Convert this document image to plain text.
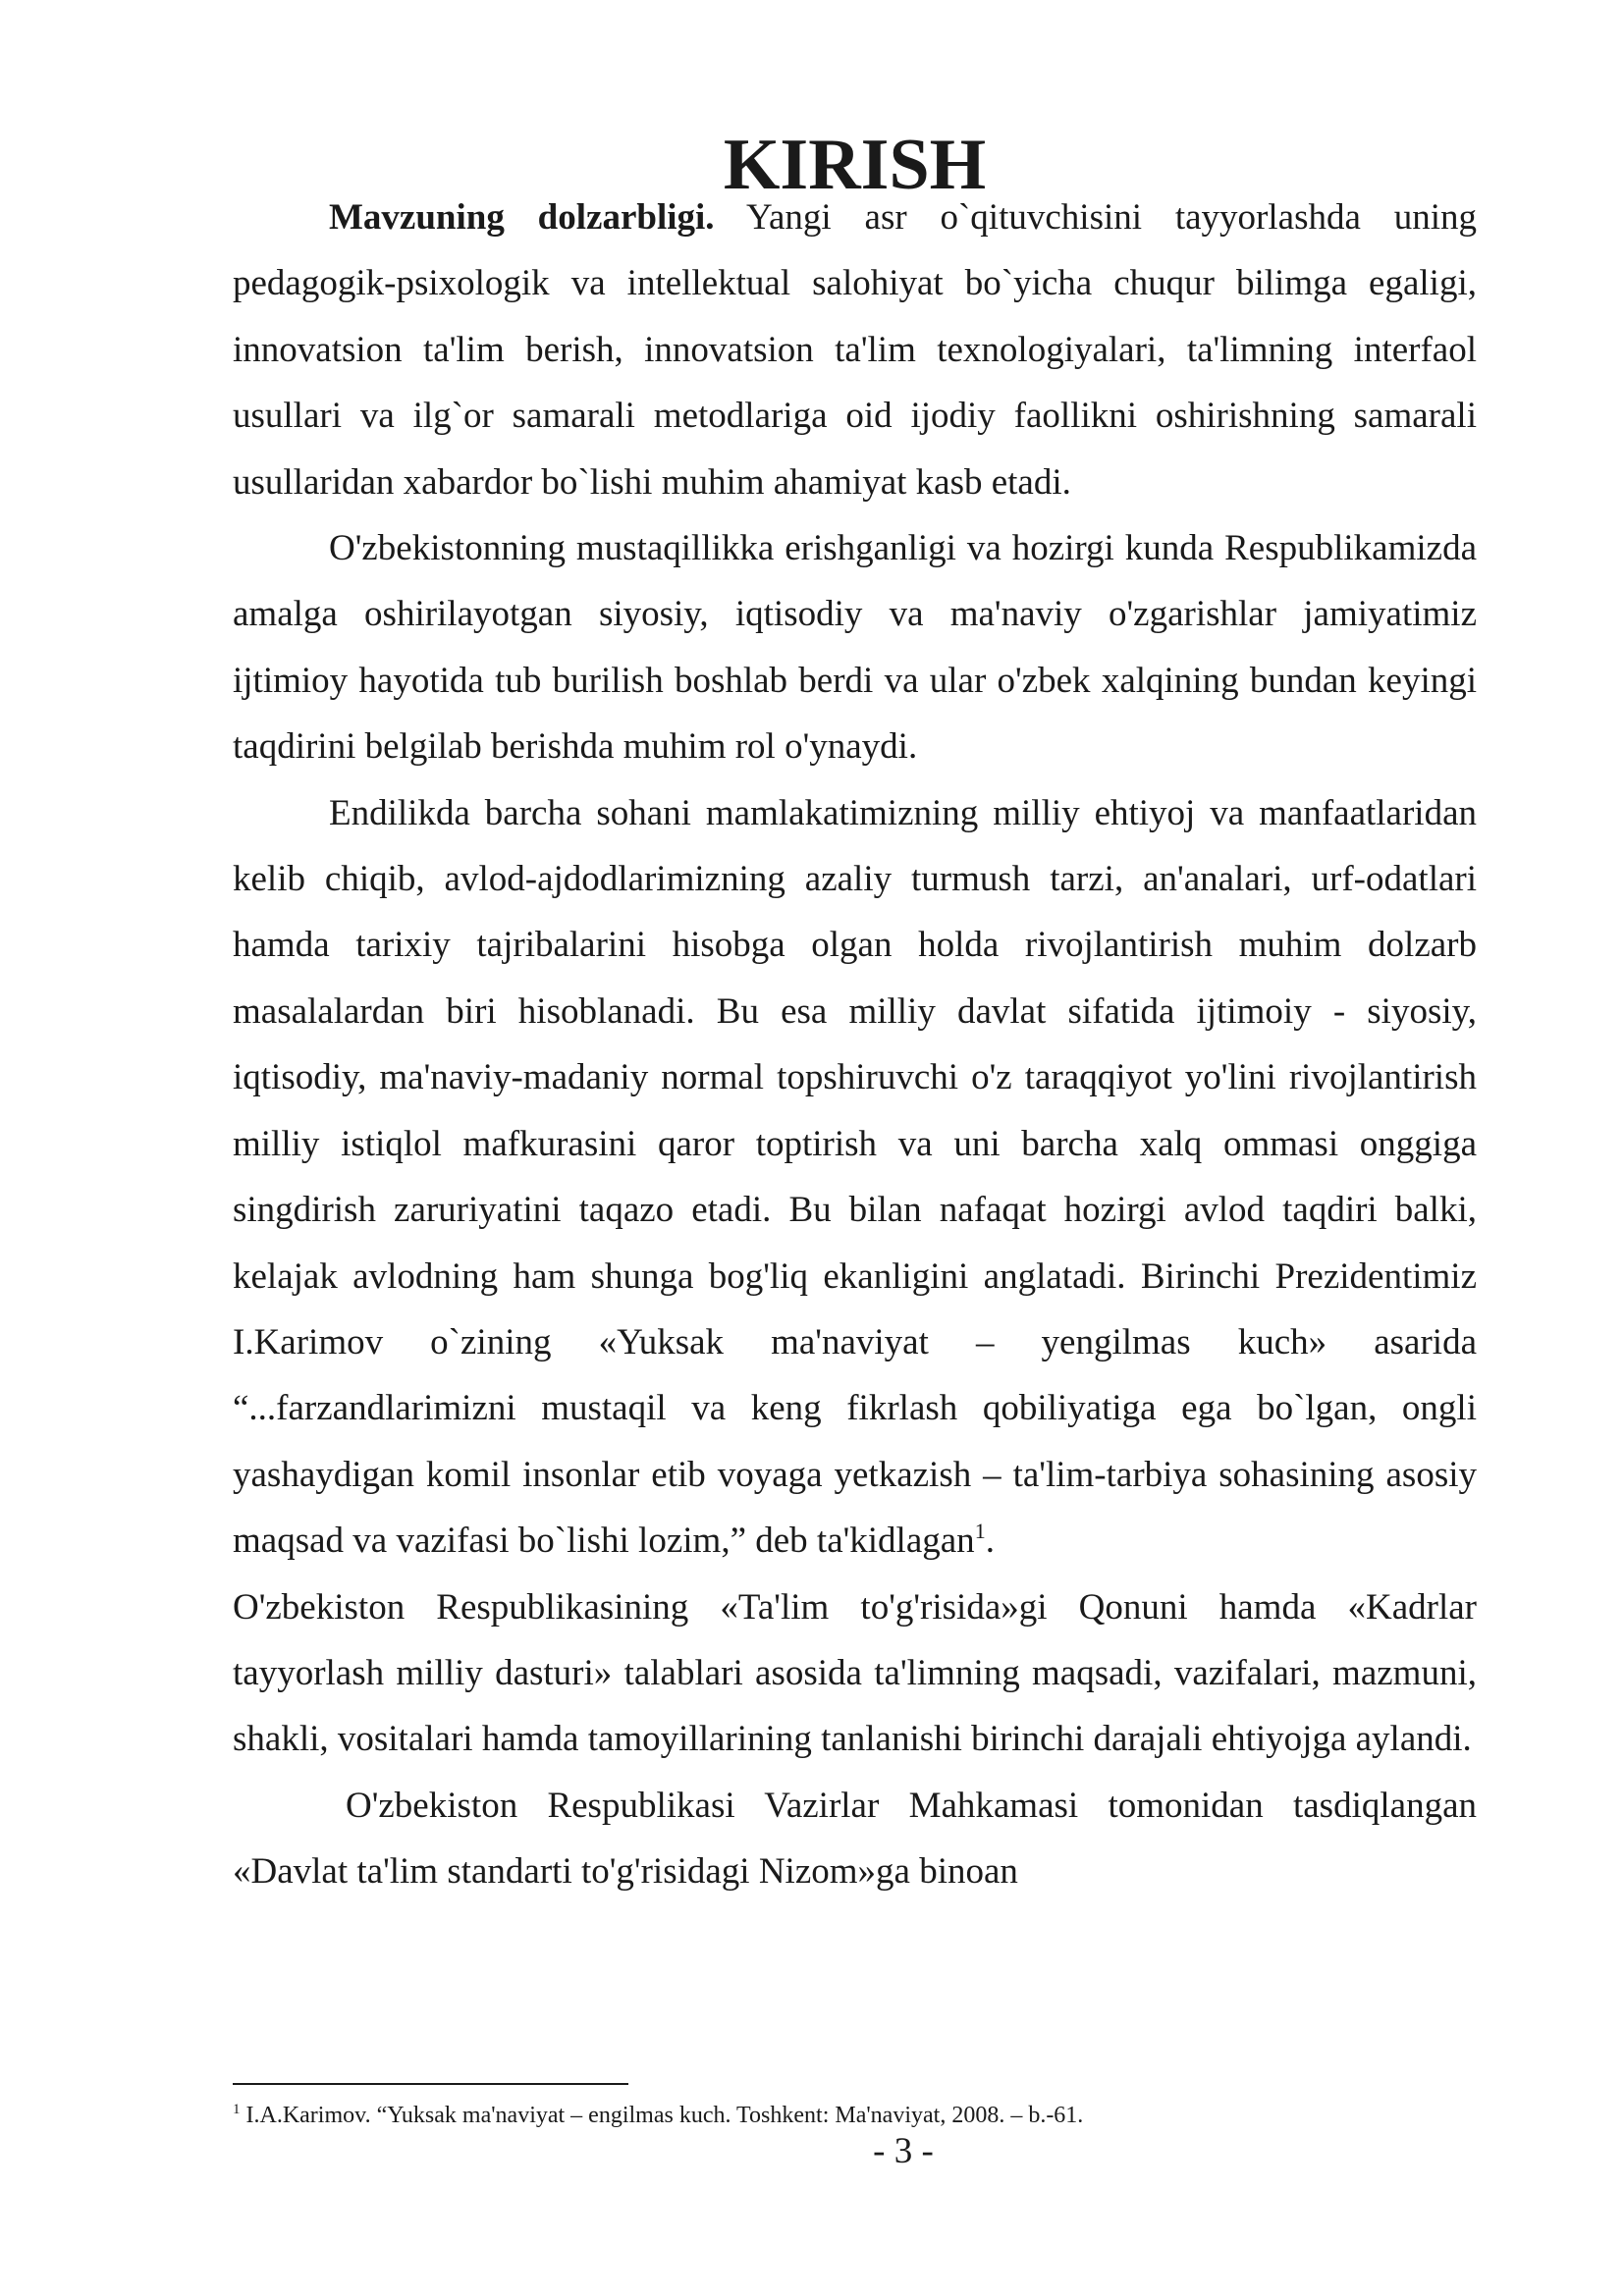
KIRISH

Mavzuning dolzarbligi. Yangi asr o`qituvchisini tayyorlashda uning pedagogik-psixologik va intellektual salohiyat bo`yicha chuqur bilimga egaligi, innovatsion ta'lim berish, innovatsion ta'lim texnologiyalari, ta'limning interfaol usullari va ilg`or samarali metodlariga oid ijodiy faollikni oshirishning samarali usullaridan xabardor bo`lishi muhim ahamiyat kasb etadi.

O'zbekistonning mustaqillikka erishganligi va hozirgi kunda Respublikamizda amalga oshirilayotgan siyosiy, iqtisodiy va ma'naviy o'zgarishlar jamiyatimiz ijtimioy hayotida tub burilish boshlab berdi va ular o'zbek xalqining bundan keyingi taqdirini belgilab berishda muhim rol o'ynaydi.

Endilikda barcha sohani mamlakatimizning milliy ehtiyoj va manfaatlaridan kelib chiqib, avlod-ajdodlarimizning azaliy turmush tarzi, an'analari, urf-odatlari hamda tarixiy tajribalarini hisobga olgan holda rivojlantirish muhim dolzarb masalalardan biri hisoblanadi. Bu esa milliy davlat sifatida ijtimoiy - siyosiy, iqtisodiy, ma'naviy-madaniy normal topshiruvchi o'z taraqqiyot yo'lini rivojlantirish milliy istiqlol mafkurasini qaror toptirish va uni barcha xalq ommasi onggiga singdirish zaruriyatini taqazo etadi. Bu bilan nafaqat hozirgi avlod taqdiri balki, kelajak avlodning ham shunga bog'liq ekanligini anglatadi. Birinchi Prezidentimiz I.Karimov o`zining «Yuksak ma'naviyat – yengilmas kuch» asarida “...farzandlarimizni mustaqil va keng fikrlash qobiliyatiga ega bo`lgan, ongli yashaydigan komil insonlar etib voyaga yetkazish – ta'lim-tarbiya sohasining asosiy maqsad va vazifasi bo`lishi lozim,” deb ta'kidlagan$^1$.

O'zbekiston Respublikasining «Ta'lim to'g'risida»gi Qonuni hamda «Kadrlar tayyorlash milliy dasturi» talablari asosida ta'limning maqsadi, vazifalari, mazmuni, shakli, vositalari hamda tamoyillarining tanlanishi birinchi darajali ehtiyojga aylandi.

O'zbekiston Respublikasi Vazirlar Mahkamasi tomonidan tasdiqlangan «Davlat ta'lim standarti to'g'risidagi Nizom»ga binoan

$^1$ I.A.Karimov. “Yuksak ma'naviyat – engilmas kuch. Toshkent: Ma'naviyat, 2008. – b.-61.
- 3 -
